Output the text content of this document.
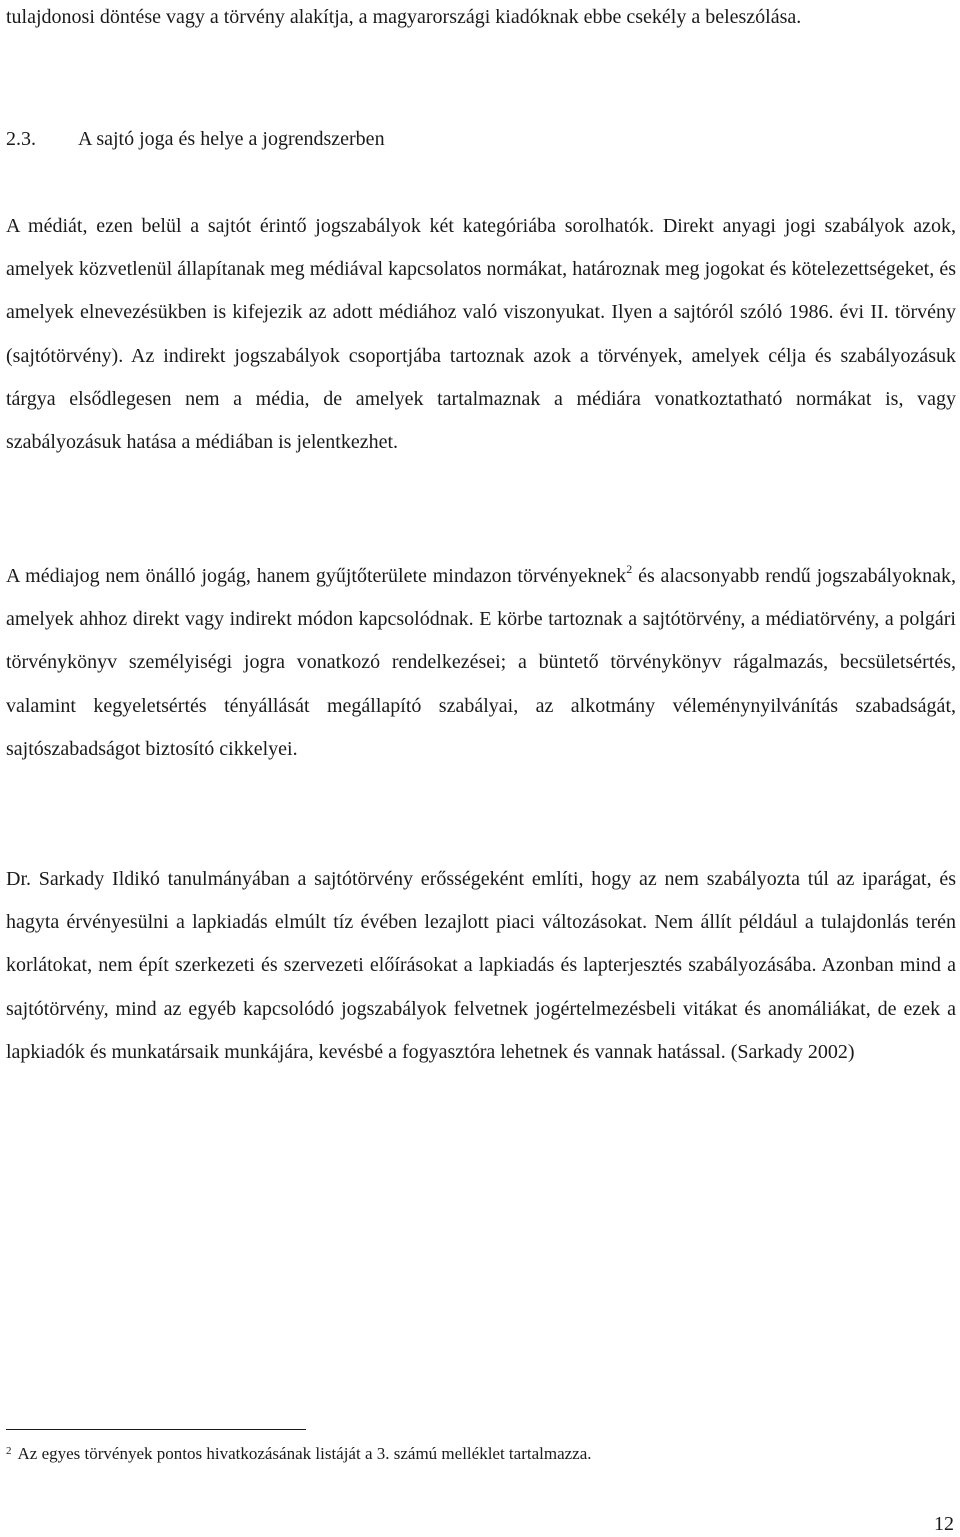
tulajdonosi döntése vagy a törvény alakítja, a magyarországi kiadóknak ebbe csekély a beleszólása.

2.3. A sajtó joga és helye a jogrendszerben

A médiát, ezen belül a sajtót érintő jogszabályok két kategóriába sorolhatók. Direkt anyagi jogi szabályok azok, amelyek közvetlenül állapítanak meg médiával kapcsolatos normákat, határoznak meg jogokat és kötelezettségeket, és amelyek elnevezésükben is kifejezik az adott médiához való viszonyukat. Ilyen a sajtóról szóló 1986. évi II. törvény (sajtótörvény). Az indirekt jogszabályok csoportjába tartoznak azok a törvények, amelyek célja és szabályozásuk tárgya elsődlegesen nem a média, de amelyek tartalmaznak a médiára vonatkoztatható normákat is, vagy szabályozásuk hatása a médiában is jelentkezhet.

A médiajog nem önálló jogág, hanem gyűjtőterülete mindazon törvényeknek$^2$ és alacsonyabb rendű jogszabályoknak, amelyek ahhoz direkt vagy indirekt módon kapcsolódnak. E körbe tartoznak a sajtótörvény, a médiatörvény, a polgári törvénykönyv személyiségi jogra vonatkozó rendelkezései; a büntető törvénykönyv rágalmazás, becsületsértés, valamint kegyeletsértés tényállását megállapító szabályai, az alkotmány véleménynyilvánítás szabadságát, sajtószabadságot biztosító cikkelyei.

Dr. Sarkady Ildikó tanulmányában a sajtótörvény erősségeként említi, hogy az nem szabályozta túl az iparágat, és hagyta érvényesülni a lapkiadás elmúlt tíz évében lezajlott piaci változásokat. Nem állít például a tulajdonlás terén korlátokat, nem épít szerkezeti és szervezeti előírásokat a lapkiadás és lapterjesztés szabályozásába. Azonban mind a sajtótörvény, mind az egyéb kapcsolódó jogszabályok felvetnek jogértelmezésbeli vitákat és anomáliákat, de ezek a lapkiadók és munkatársaik munkájára, kevésbé a fogyasztóra lehetnek és vannak hatással. (Sarkady 2002)

$^2$ Az egyes törvények pontos hivatkozásának listáját a 3. számú melléklet tartalmazza.

12
